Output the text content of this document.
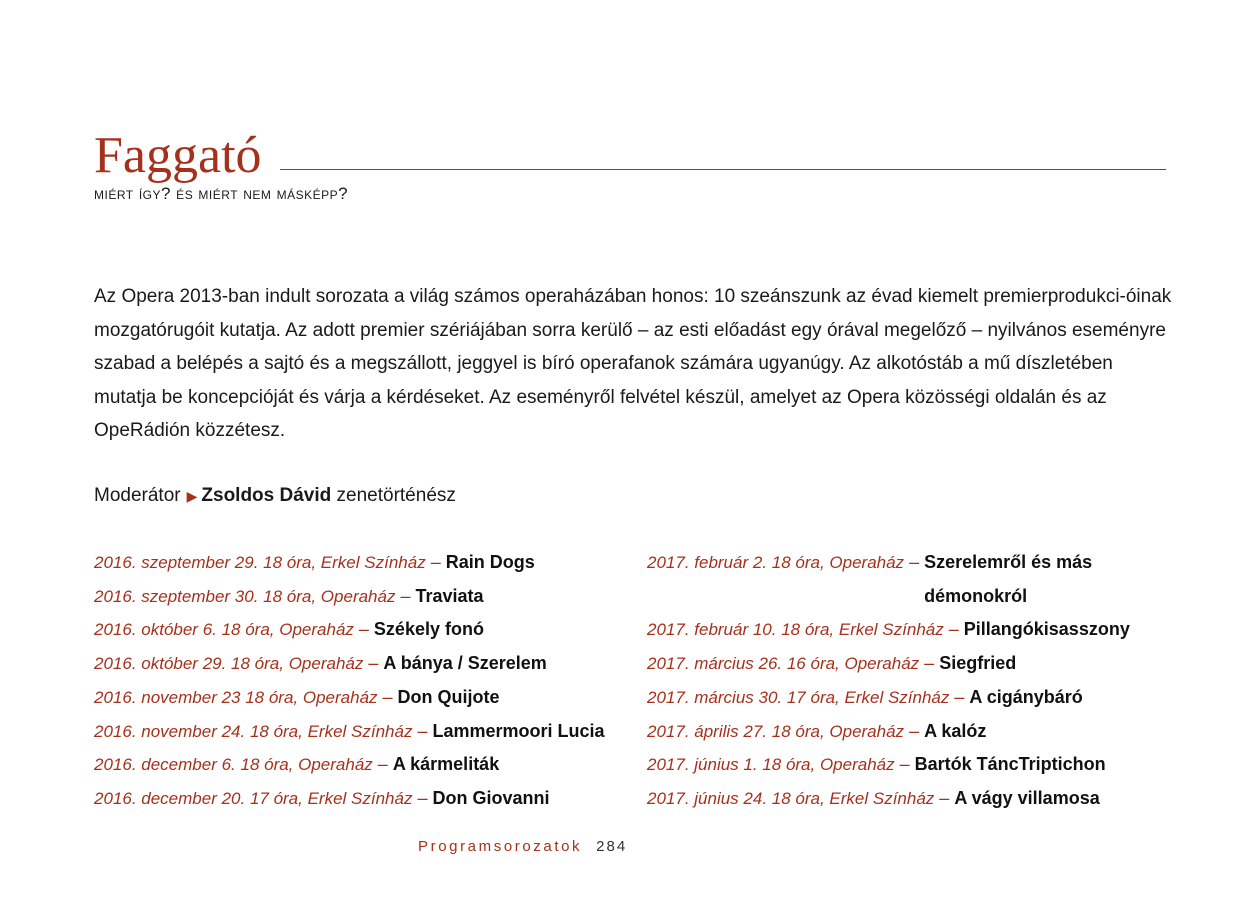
Faggató
miért így? és miért nem másképp?

Az Opera 2013-ban indult sorozata a világ számos operaházában honos: 10 szeánszunk az évad kiemelt premierprodukci-óinak mozgatórugóit kutatja. Az adott premier szériájában sorra kerülő – az esti előadást egy órával megelőző – nyilvános eseményre szabad a belépés a sajtó és a megszállott, jeggyel is bíró operafanok számára ugyanúgy. Az alkotóstáb a mű díszletében mutatja be koncepcióját és várja a kérdéseket. Az eseményről felvétel készül, amelyet az Opera közösségi oldalán és az OpeRádión közzétesz.

Moderátor ▶ Zsoldos Dávid zenetörténész
2016. szeptember 29. 18 óra, Erkel Színház – Rain Dogs
2016. szeptember 30. 18 óra, Operaház – Traviata
2016. október 6. 18 óra, Operaház – Székely fonó
2016. október 29. 18 óra, Operaház – A bánya / Szerelem
2016. november 23 18 óra, Operaház – Don Quijote
2016. november 24. 18 óra, Erkel Színház – Lammermoori Lucia
2016. december 6. 18 óra, Operaház – A kármeliták
2016. december 20. 17 óra, Erkel Színház – Don Giovanni
2017. február 2. 18 óra, Operaház – Szerelemről és más démonokról
2017. február 10. 18 óra, Erkel Színház – Pillangókisasszony
2017. március 26. 16 óra, Operaház – Siegfried
2017. március 30. 17 óra, Erkel Színház – A cigánybáró
2017. április 27. 18 óra, Operaház – A kalóz
2017. június 1. 18 óra, Operaház – Bartók TáncTriptichon
2017. június 24. 18 óra, Erkel Színház – A vágy villamosa
Programsorozatok 284
